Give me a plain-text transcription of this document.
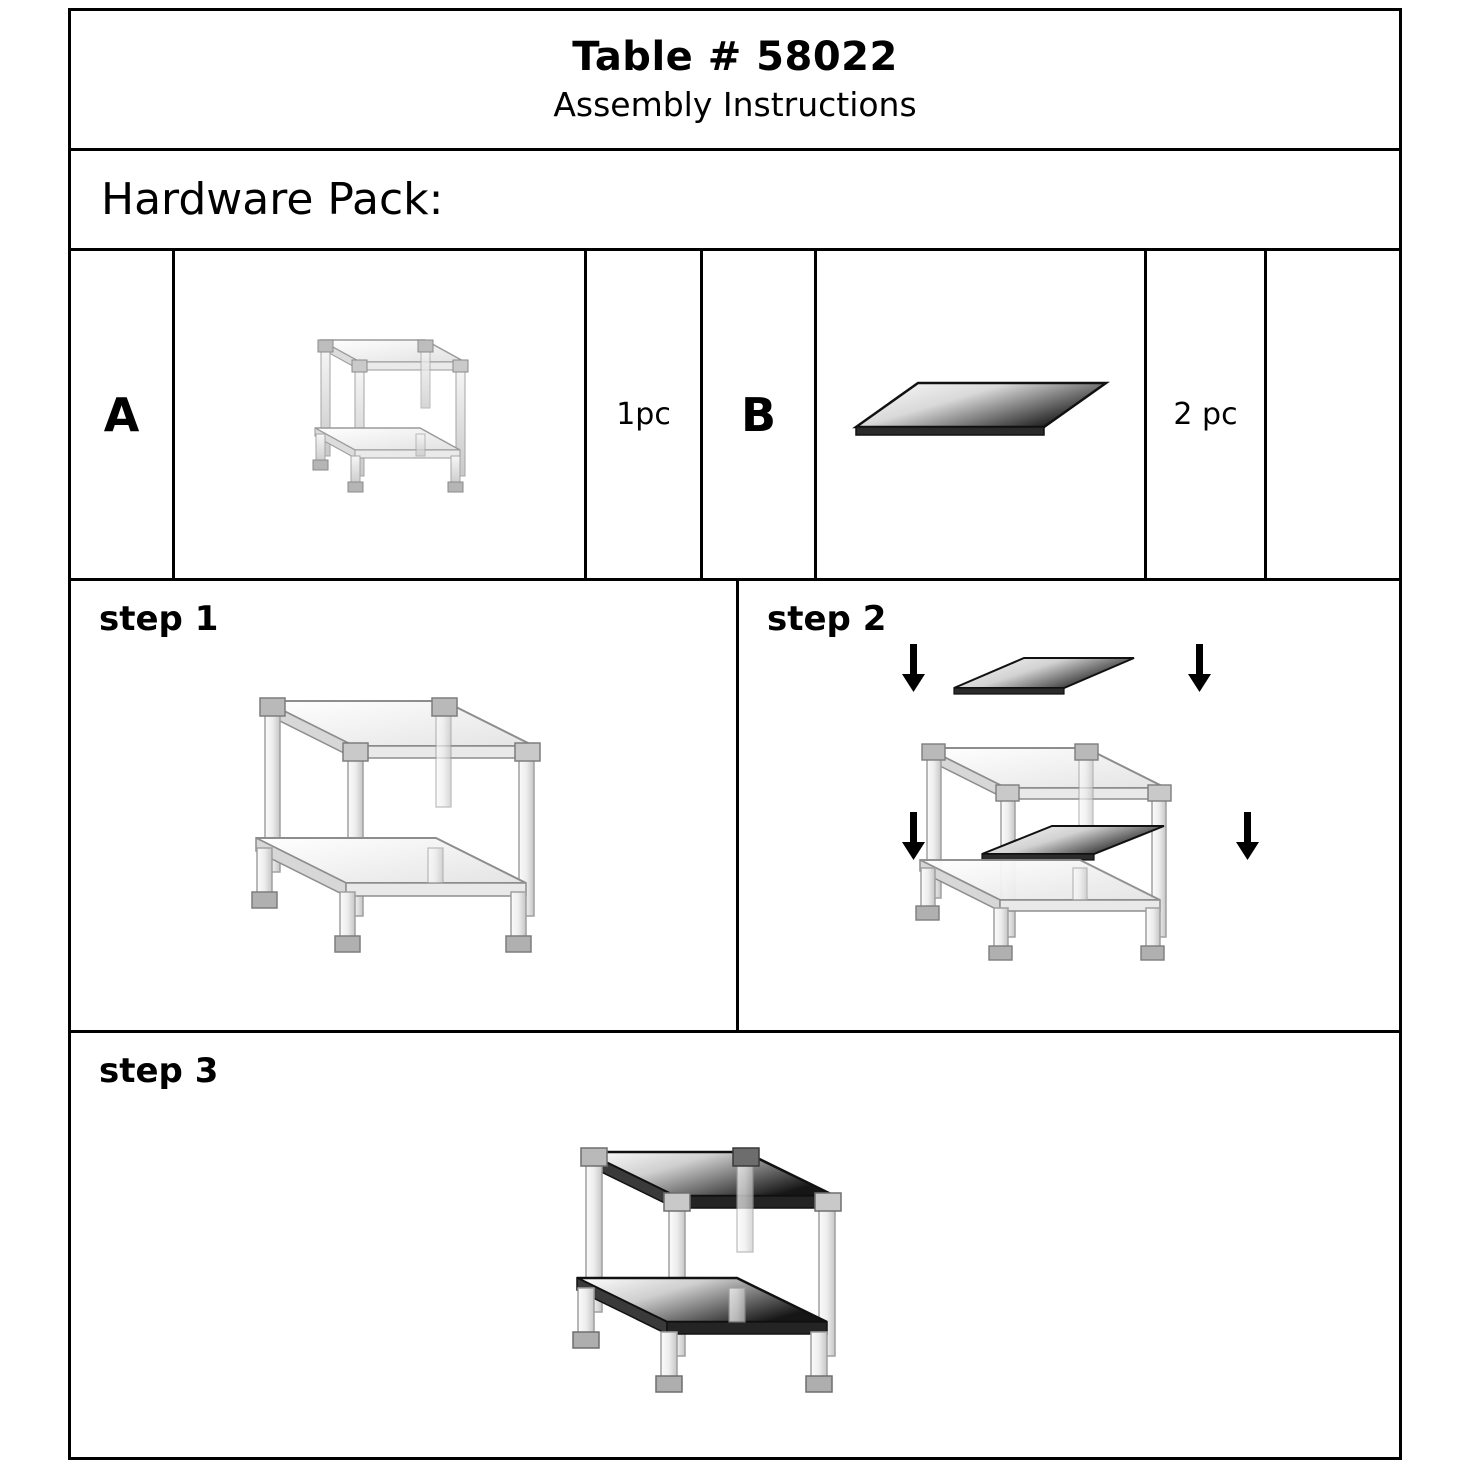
Table # 58022
Assembly Instructions
Hardware Pack:
A	1pc B	2 pc
step 1	step 2
step 3
